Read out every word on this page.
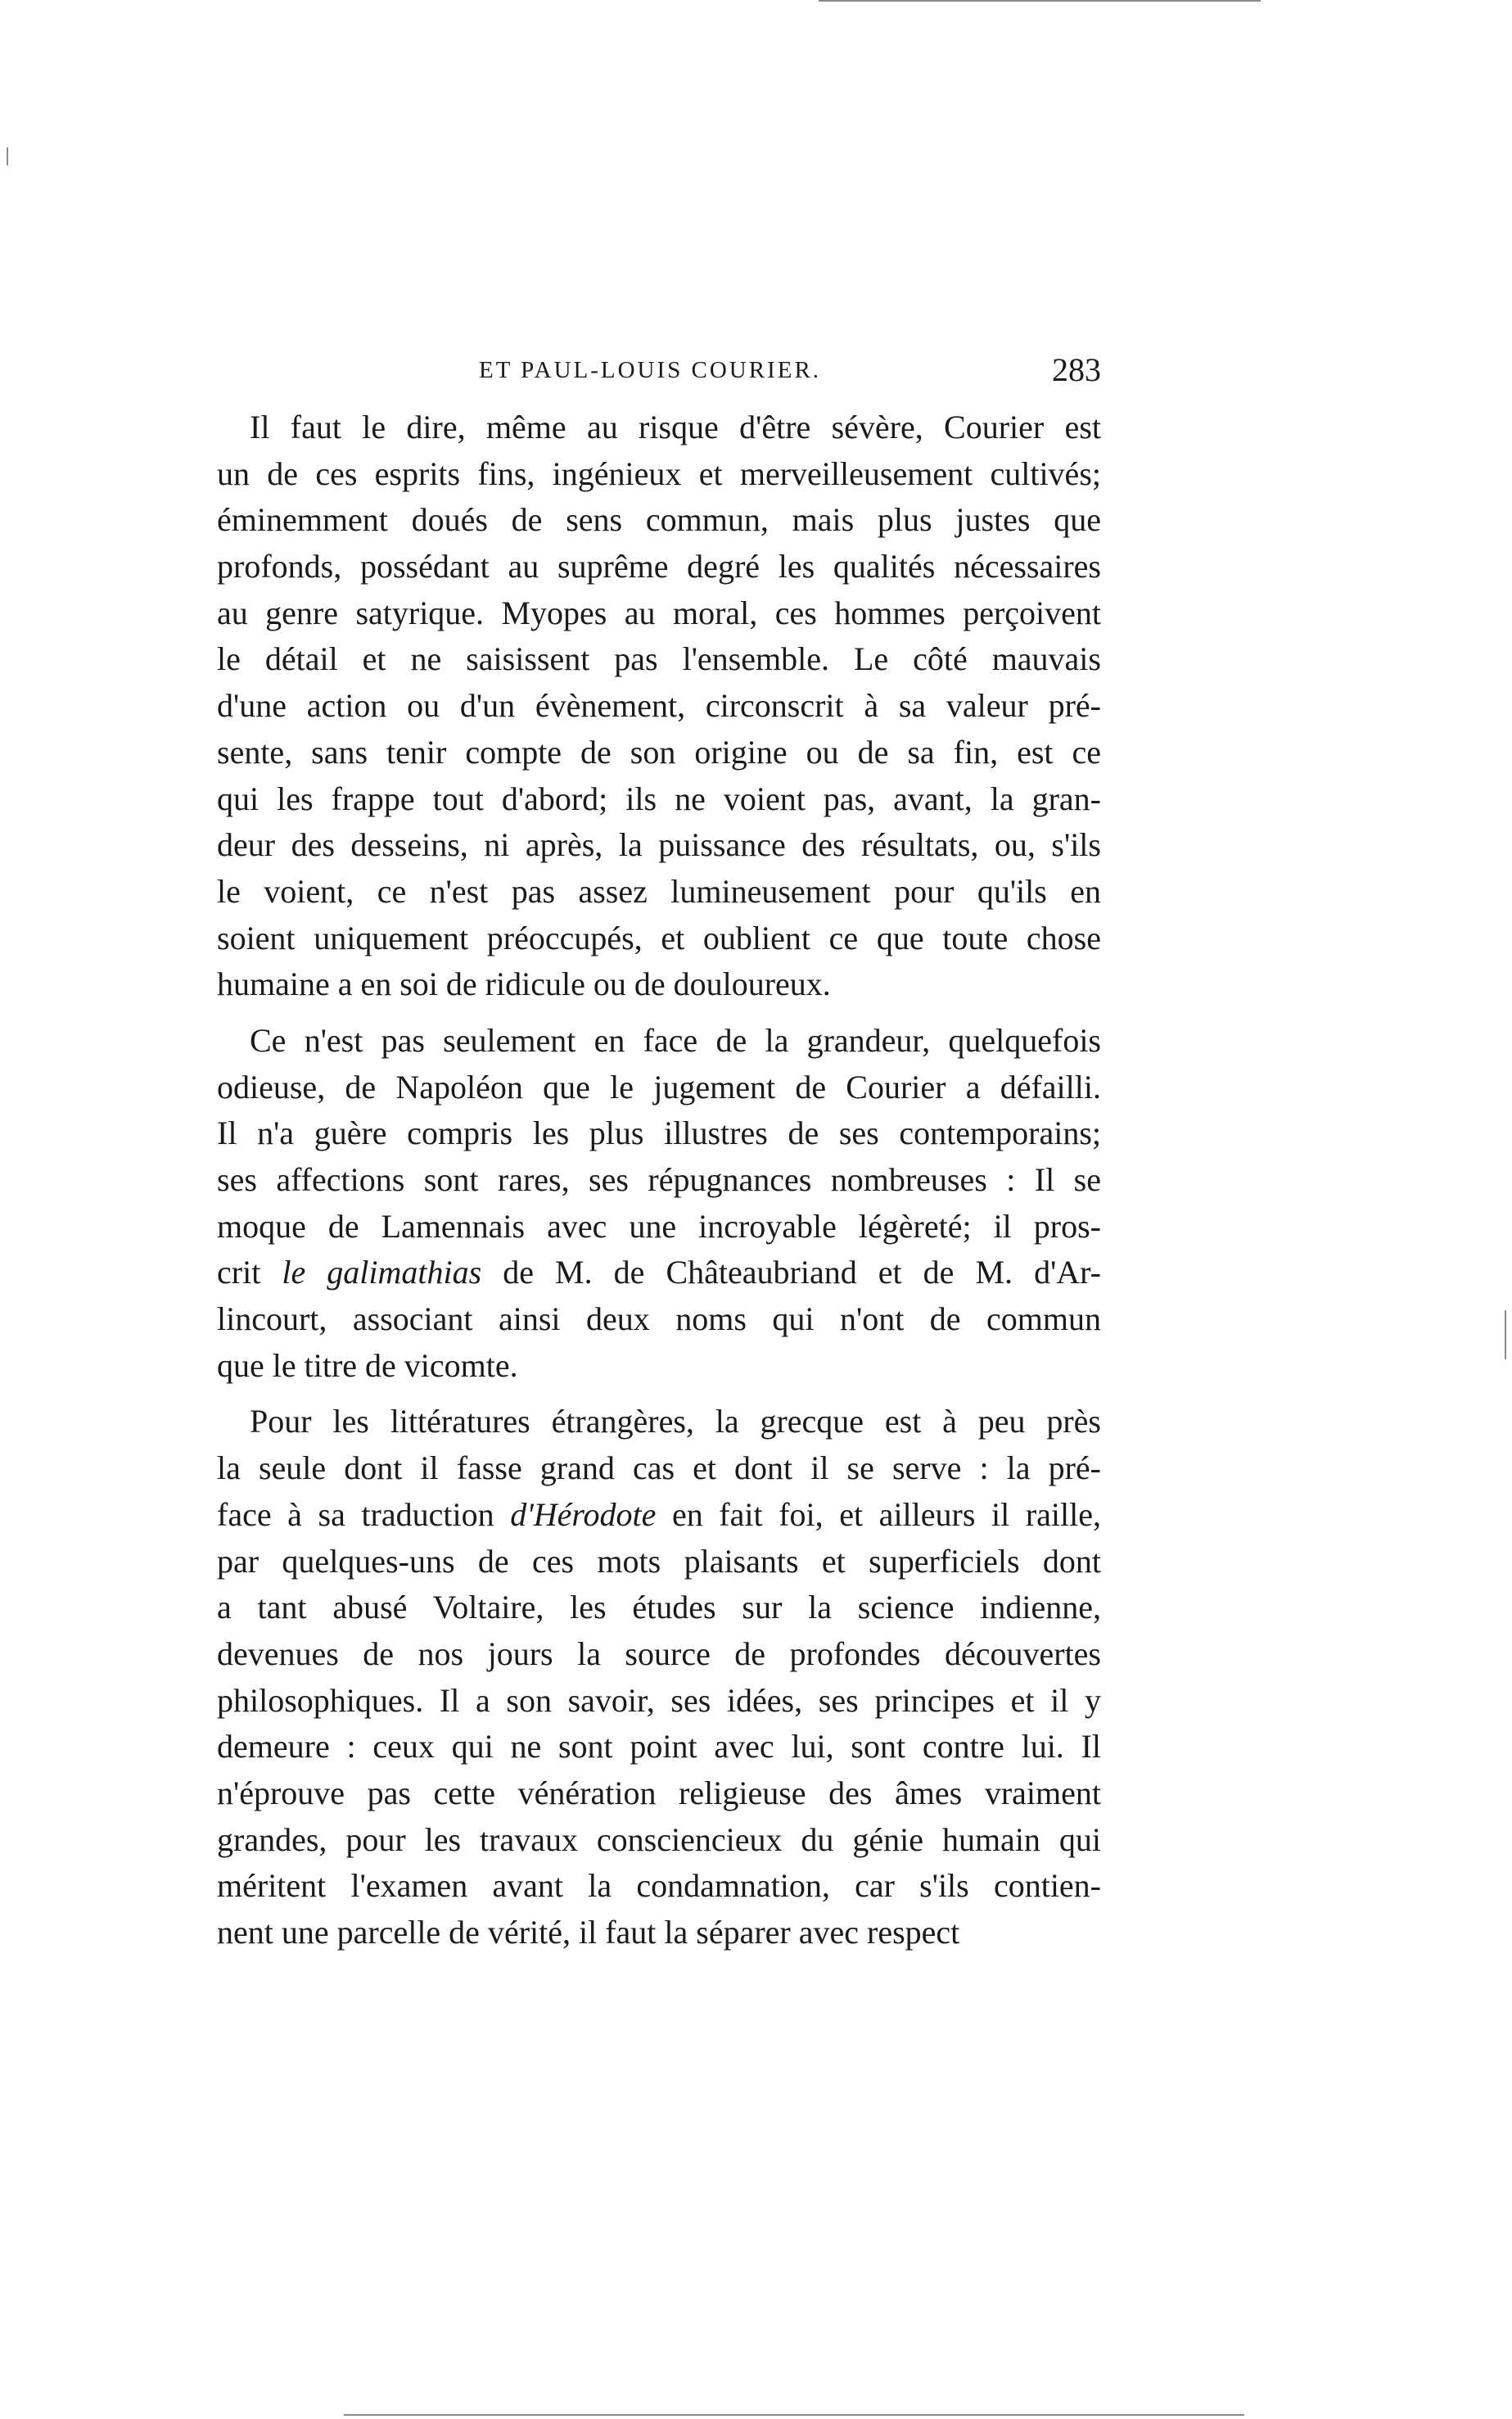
ET PAUL-LOUIS COURIER.	283
Il faut le dire, même au risque d'être sévère, Courier est
un de ces esprits fins, ingénieux et merveilleusement cultivés;
éminemment doués de sens commun, mais plus justes que
profonds, possédant au suprême degré les qualités nécessaires
au genre satyrique. Myopes au moral, ces hommes perçoivent
le détail et ne saisissent pas l'ensemble. Le côté mauvais
d'une action ou d'un évènement, circonscrit à sa valeur pré-
sente, sans tenir compte de son origine ou de sa fin, est ce
qui les frappe tout d'abord; ils ne voient pas, avant, la gran-
deur des desseins, ni après, la puissance des résultats, ou, s'ils
le voient, ce n'est pas assez lumineusement pour qu'ils en
soient uniquement préoccupés, et oublient ce que toute chose
humaine a en soi de ridicule ou de douloureux.
Ce n'est pas seulement en face de la grandeur, quelquefois
odieuse, de Napoléon que le jugement de Courier a défailli.
Il n'a guère compris les plus illustres de ses contemporains;
ses affections sont rares, ses répugnances nombreuses : Il se
moque de Lamennais avec une incroyable légèreté; il pros-
crit le galimathias de M. de Châteaubriand et de M. d'Ar-
lincourt, associant ainsi deux noms qui n'ont de commun
que le titre de vicomte.
Pour les littératures étrangères, la grecque est à peu près
la seule dont il fasse grand cas et dont il se serve : la pré-
face à sa traduction d'Hérodote en fait foi, et ailleurs il raille,
par quelques-uns de ces mots plaisants et superficiels dont
a tant abusé Voltaire, les études sur la science indienne,
devenues de nos jours la source de profondes découvertes
philosophiques. Il a son savoir, ses idées, ses principes et il y
demeure : ceux qui ne sont point avec lui, sont contre lui. Il
n'éprouve pas cette vénération religieuse des âmes vraiment
grandes, pour les travaux consciencieux du génie humain qui
méritent l'examen avant la condamnation, car s'ils contien-
nent une parcelle de vérité, il faut la séparer avec respect
